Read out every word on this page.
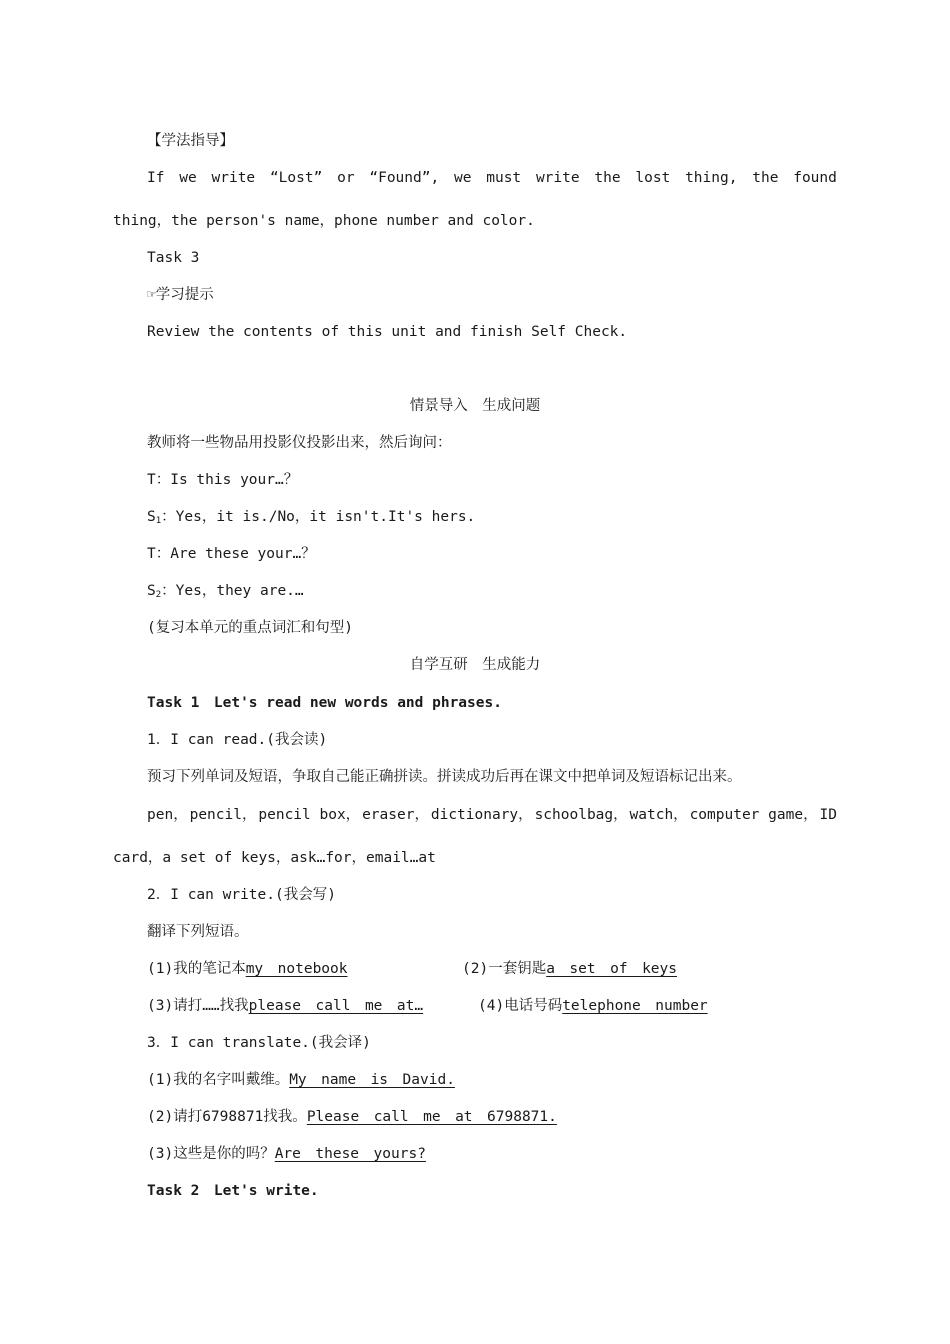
【学法指导】
If we write “Lost” or “Found”, we must write the lost thing, the found
thing，the person's name，phone number and color.
Task 3
☞学习提示
Review the contents of this unit and finish Self Check.
情景导入　生成问题
教师将一些物品用投影仪投影出来，然后询问：
T：Is this your…？
$S_1$：Yes，it is./No，it isn't.It's hers.
T：Are these your…？
$S_2$：Yes，they are.…
(复习本单元的重点词汇和句型)
自学互研　生成能力
Task 1　Let's read new words and phrases.
1．I can read.(我会读)
预习下列单词及短语，争取自己能正确拼读。拼读成功后再在课文中把单词及短语标记出来。
pen， pencil， pencil box， eraser， dictionary， schoolbag， watch， computer game， ID
card，a set of keys，ask…for，email…at
2．I can write.(我会写)
翻译下列短语。
(1)我的笔记本my　notebook	(2)一套钥匙a　set　of　keys
(3)请打……找我please　call　me　at…	(4)电话号码telephone　number
3．I can translate.(我会译)
(1)我的名字叫戴维。My　name　is　David.
(2)请打6798871找我。Please　call　me　at　6798871.
(3)这些是你的吗？Are　these　yours?
Task 2　Let's write.
